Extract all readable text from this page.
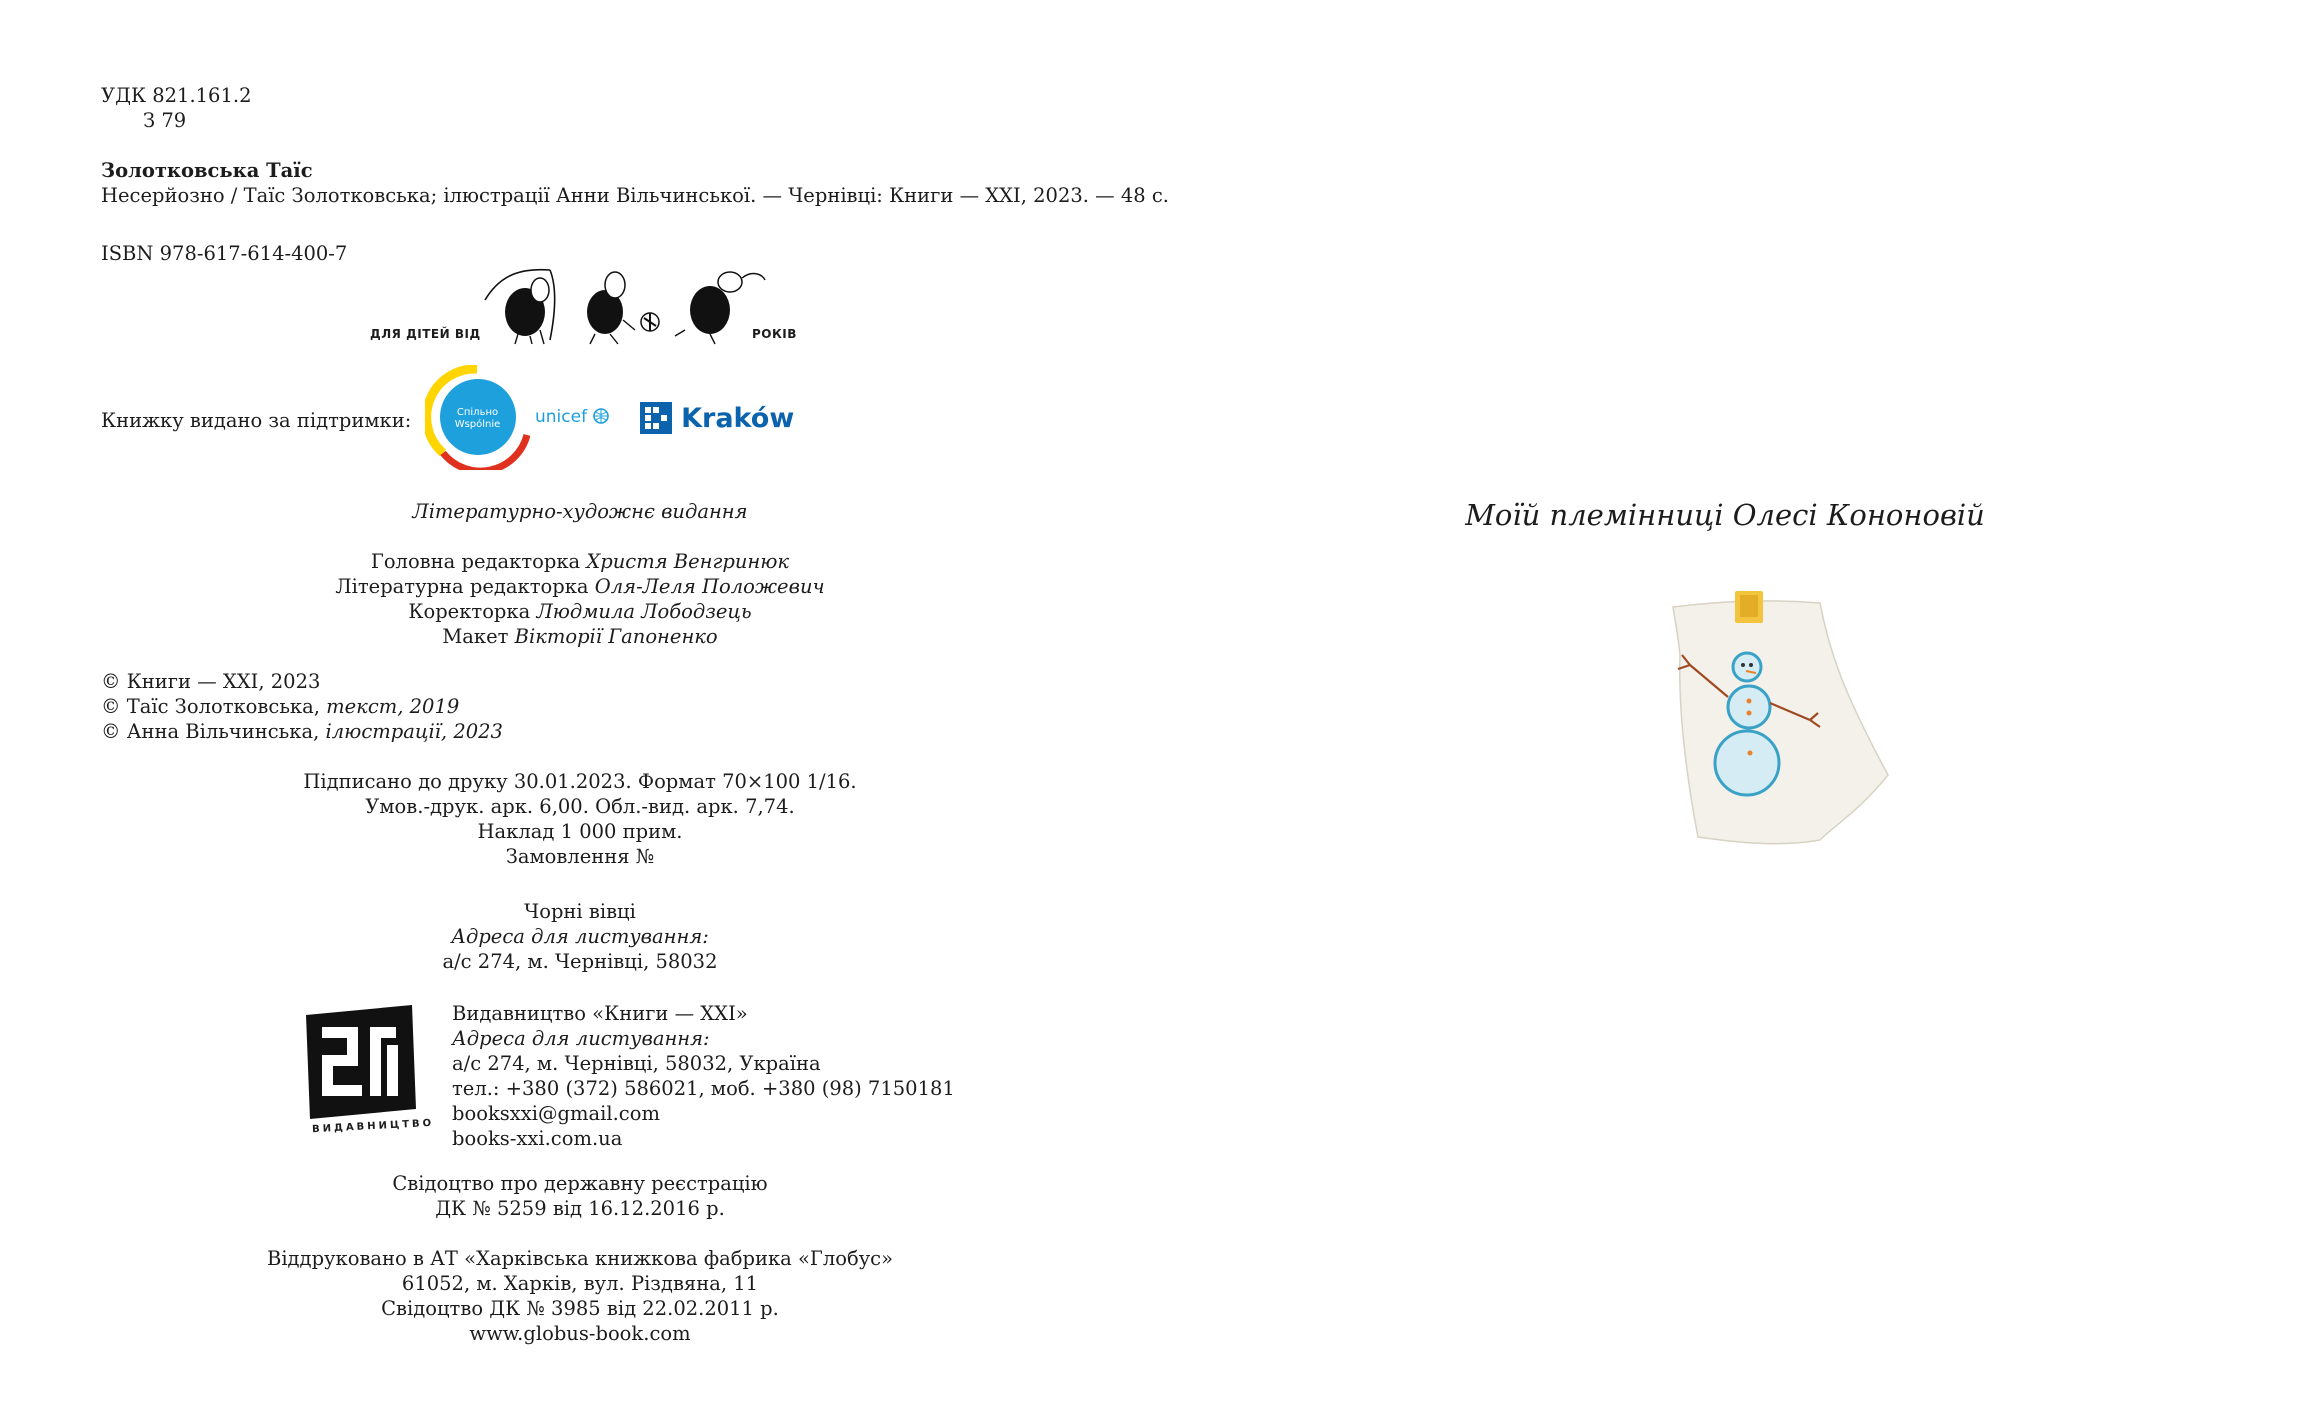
УДК 821.161.2
З 79
Золотковська Таїс
Несерйозно / Таїс Золотковська; ілюстрації Анни Вільчинської. — Чернівці: Книги — ХХІ, 2023. — 48 с.
ISBN 978-617-614-400-7
ДЛЯ ДІТЕЙ ВІД	РОКІВ
Книжку видано за підтримки:	Спільно
Wspólnie	unicef	Kraków
Літературно-художнє видання
Головна редакторка Христя Венгринюк
Літературна редакторка Оля-Леля Положевич
Коректорка Людмила Лободзець
Макет Вікторії Гапоненко
© Книги — ХХІ, 2023
© Таїс Золотковська, текст, 2019
© Анна Вільчинська, ілюстрації, 2023
Підписано до друку 30.01.2023. Формат 70×100 1/16.
Умов.-друк. арк. 6,00. Обл.-вид. арк. 7,74.
Наклад 1 000 прим.
Замовлення №
Чорні вівці
Адреса для листування:
а/с 274, м. Чернівці, 58032
ВИДАВНИЦТВО
Видавництво «Книги — ХХІ»
Адреса для листування:
а/с 274, м. Чернівці, 58032, Україна
тел.: +380 (372) 586021, моб. +380 (98) 7150181
booksxxi@gmail.com
books-xxi.com.ua
Свідоцтво про державну реєстрацію
ДК № 5259 від 16.12.2016 р.
Віддруковано в АТ «Харківська книжкова фабрика «Глобус»
61052, м. Харків, вул. Різдвяна, 11
Свідоцтво ДК № 3985 від 22.02.2011 р.
www.globus-book.com
Моїй племінниці Олесі Кононовій
